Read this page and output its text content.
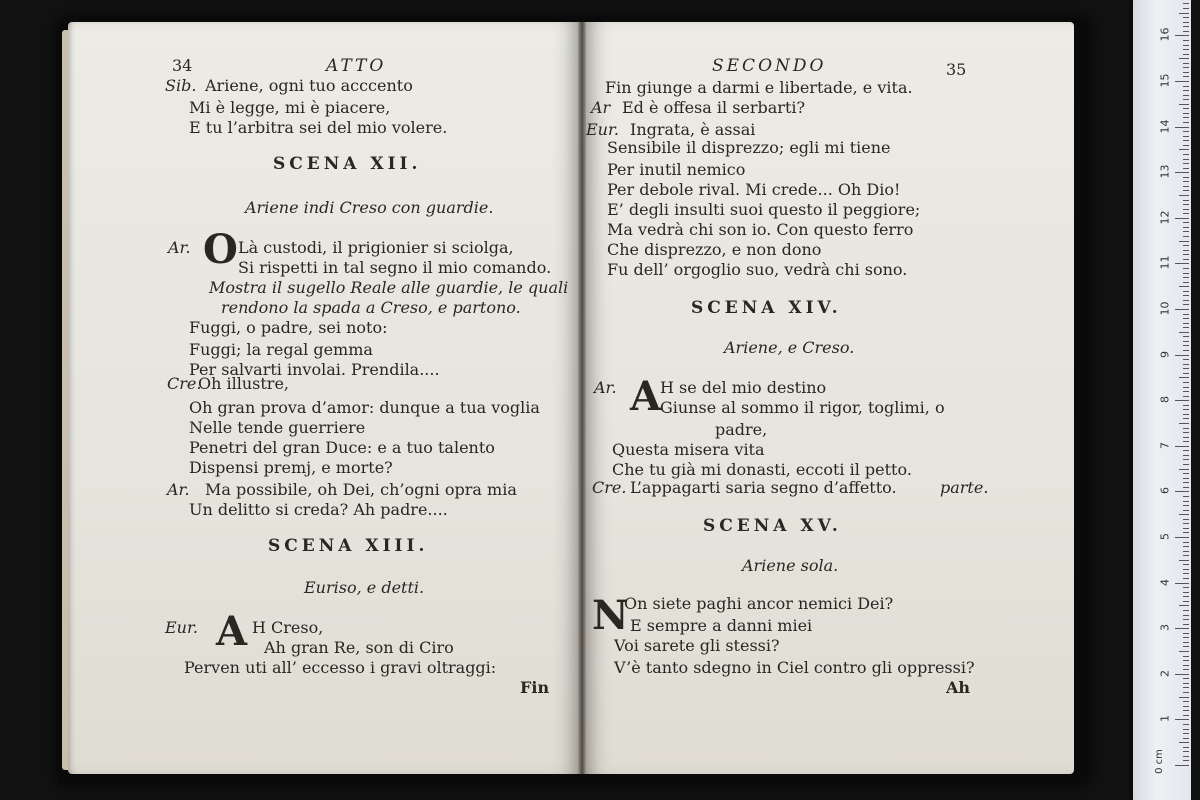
34	ATTO
Sib. Ariene, ogni tuo acccento
Mi è legge, mi è piacere,
E tu l’arbitra sei del mio volere.
SCENA XII.
Ariene indi Creso con guardie.
Ar. O Là custodi, il prigionier si sciolga,
Si rispetti in tal segno il mio comando.
Mostra il sugello Reale alle guardie, le quali
rendono la spada a Creso, e partono.
Fuggi, o padre, sei noto:
Fuggi; la regal gemma
Per salvarti involai. Prendila....
Cre.
Oh illustre,
Oh gran prova d’amor: dunque a tua voglia
Nelle tende guerriere
Penetri del gran Duce: e a tuo talento
Dispensi premj, e morte?
Ar. Ma possibile, oh Dei, ch’ogni opra mia
Un delitto si creda? Ah padre....
SCENA XIII.
Euriso, e detti.
Eur. A H Creso,
Ah gran Re, son di Ciro
Perven uti all’ eccesso i gravi oltraggi:
Fin
35
SECONDO
Fin giunge a darmi e libertade, e vita.
Ar Ed è offesa il serbarti?
Eur. Ingrata, è assai
Sensibile il disprezzo; egli mi tiene
Per inutil nemico
Per debole rival. Mi crede... Oh Dio!
E’ degli insulti suoi questo il peggiore;
Ma vedrà chi son io. Con questo ferro
Che disprezzo, e non dono
Fu dell’ orgoglio suo, vedrà chi sono.
SCENA XIV.
Ariene, e Creso.
Ar. A
H se del mio destino
Giunse al sommo il rigor, toglimi, o
padre,
Questa misera vita
Che tu già mi donasti, eccoti il petto.
Cre. L’appagarti saria segno d’affetto.	parte.
SCENA XV.
Ariene sola.
N
On siete paghi ancor nemici Dei?
E sempre a danni miei
Voi sarete gli stessi?
V’è tanto sdegno in Ciel contro gli oppressi?
Ah
0 cm
1
2
3
4
5
6
7
8
9
10
11
12
13
14
15
16
